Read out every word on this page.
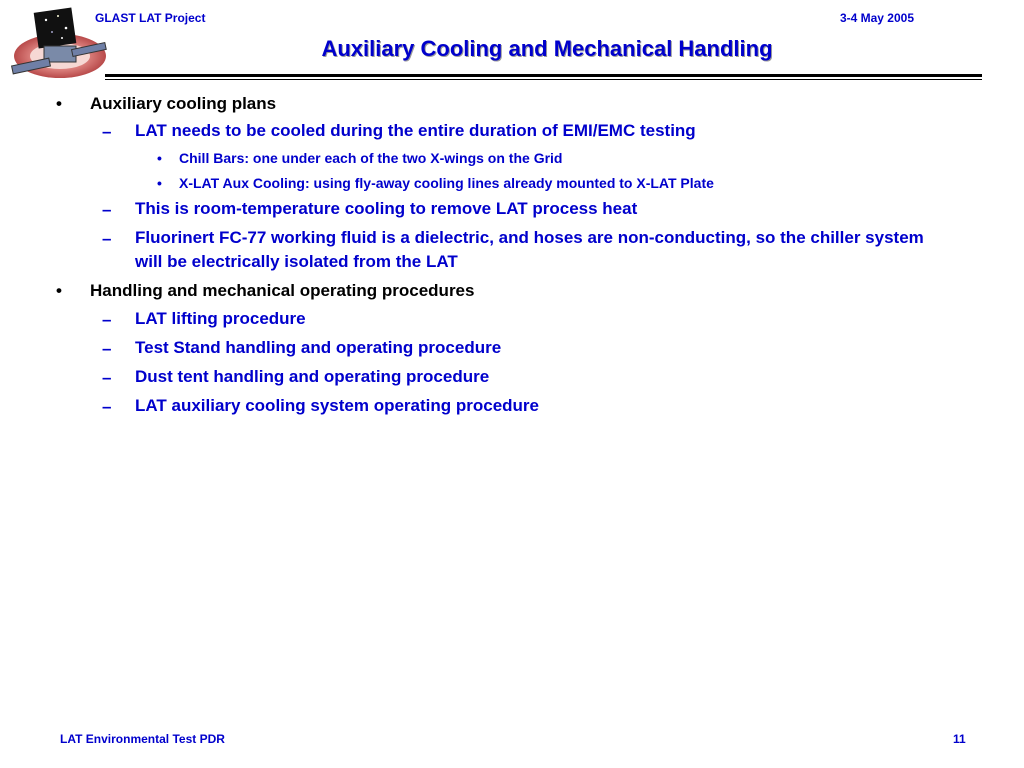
GLAST LAT Project	3-4 May 2005
Auxiliary Cooling and Mechanical Handling
• Auxiliary cooling plans
– LAT needs to be cooled during the entire duration of EMI/EMC testing
• Chill Bars: one under each of the two X-wings on the Grid
• X-LAT Aux Cooling: using fly-away cooling lines already mounted to X-LAT Plate
– This is room-temperature cooling to remove LAT process heat
– Fluorinert FC-77 working fluid is a dielectric, and hoses are non-conducting, so the chiller system will be electrically isolated from the LAT
• Handling and mechanical operating procedures
– LAT lifting procedure
– Test Stand handling and operating procedure
– Dust tent handling and operating procedure
– LAT auxiliary cooling system operating procedure
LAT Environmental Test PDR	11
